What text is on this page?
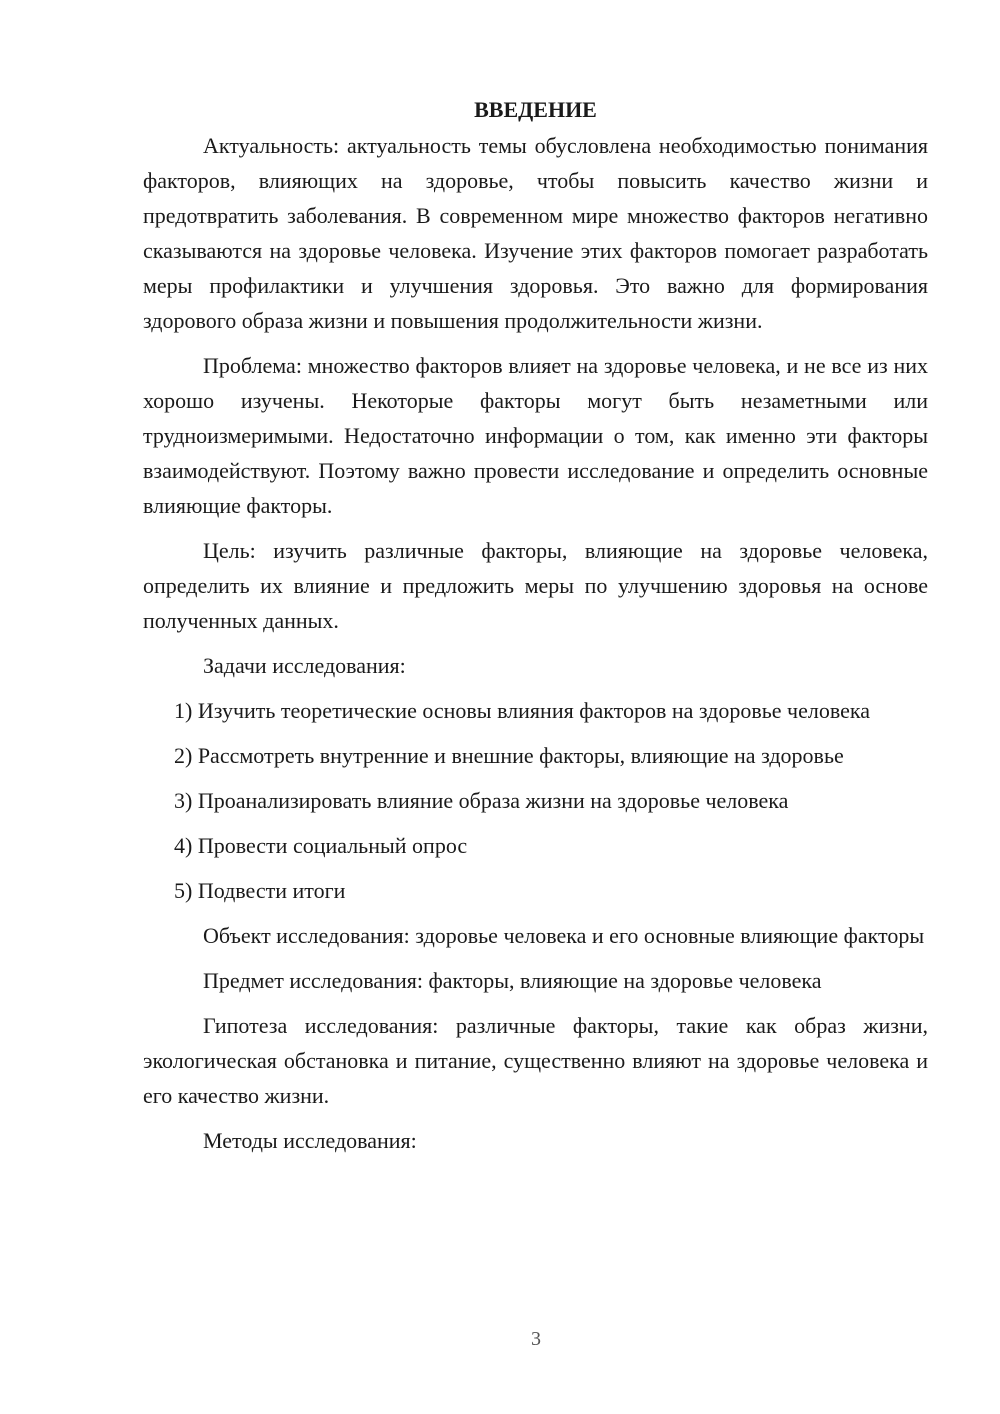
ВВЕДЕНИЕ

Актуальность: актуальность темы обусловлена необходимостью понимания факторов, влияющих на здоровье, чтобы повысить качество жизни и предотвратить заболевания. В современном мире множество факторов негативно сказываются на здоровье человека. Изучение этих факторов помогает разработать меры профилактики и улучшения здоровья. Это важно для формирования здорового образа жизни и повышения продолжительности жизни.

Проблема: множество факторов влияет на здоровье человека, и не все из них хорошо изучены. Некоторые факторы могут быть незаметными или трудноизмеримыми. Недостаточно информации о том, как именно эти факторы взаимодействуют. Поэтому важно провести исследование и определить основные влияющие факторы.

Цель: изучить различные факторы, влияющие на здоровье человека, определить их влияние и предложить меры по улучшению здоровья на основе полученных данных.

Задачи исследования:

1) Изучить теоретические основы влияния факторов на здоровье человека

2) Рассмотреть внутренние и внешние факторы, влияющие на здоровье

3) Проанализировать влияние образа жизни на здоровье человека

4) Провести социальный опрос

5) Подвести итоги

Объект исследования: здоровье человека и его основные влияющие факторы

Предмет исследования: факторы, влияющие на здоровье человека

Гипотеза исследования: различные факторы, такие как образ жизни, экологическая обстановка и питание, существенно влияют на здоровье человека и его качество жизни.

Методы исследования:

3
